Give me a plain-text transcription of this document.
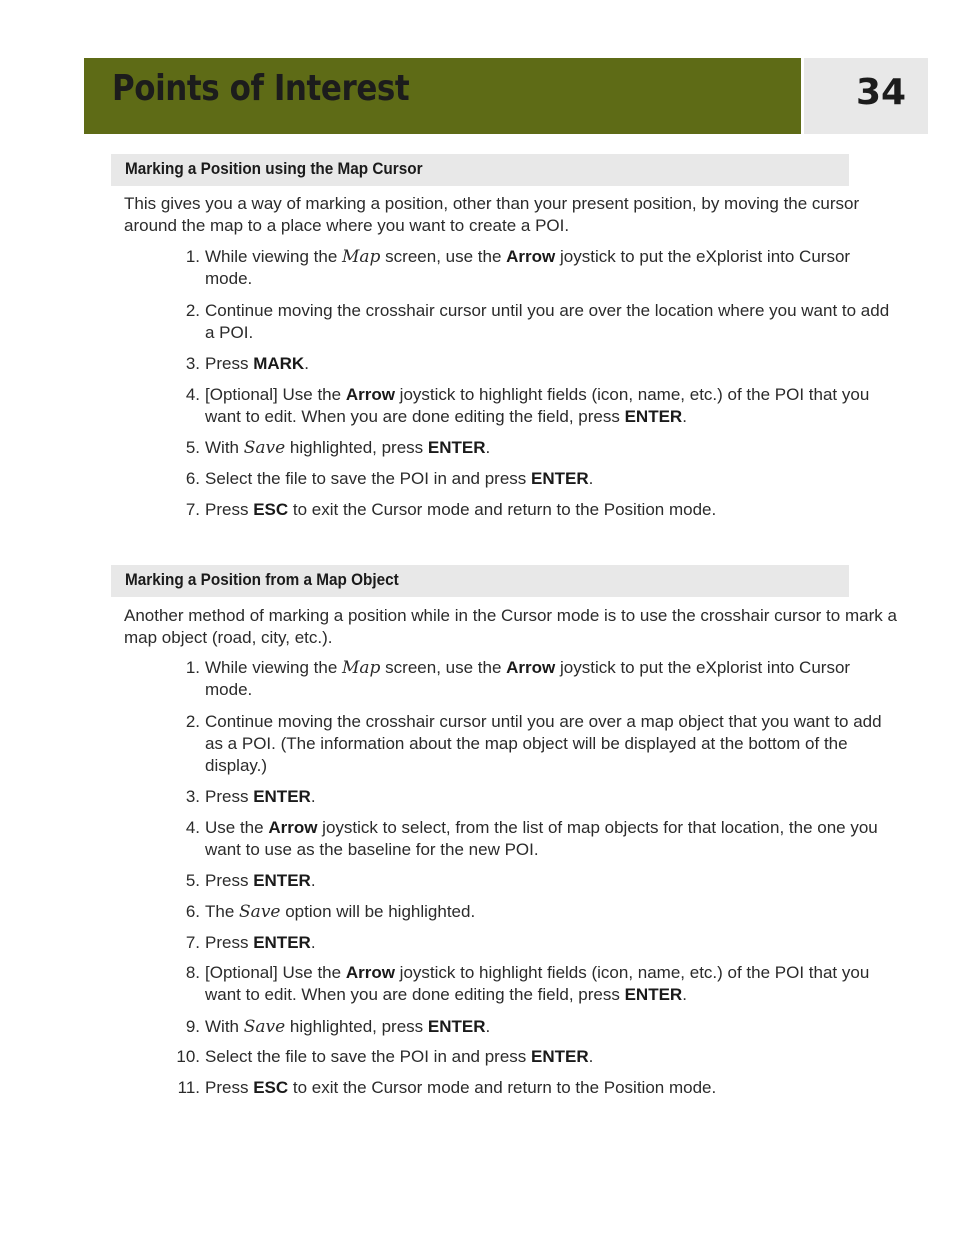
Points of Interest	34
Marking a Position using the Map Cursor

This gives you a way of marking a position, other than your present position, by moving the cursor around the map to a place where you want to create a POI.

1. While viewing the Map screen, use the Arrow joystick to put the eXplorist into Cursor mode.
2. Continue moving the crosshair cursor until you are over the location where you want to add a POI.
3. Press MARK.
4. [Optional] Use the Arrow joystick to highlight fields (icon, name, etc.) of the POI that you want to edit. When you are done editing the field, press ENTER.
5. With Save highlighted, press ENTER.
6. Select the file to save the POI in and press ENTER.
7. Press ESC to exit the Cursor mode and return to the Position mode.
Marking a Position from a Map Object

Another method of marking a position while in the Cursor mode is to use the crosshair cursor to mark a map object (road, city, etc.).

1. While viewing the Map screen, use the Arrow joystick to put the eXplorist into Cursor mode.
2. Continue moving the crosshair cursor until you are over a map object that you want to add as a POI. (The information about the map object will be displayed at the bottom of the display.)
3. Press ENTER.
4. Use the Arrow joystick to select, from the list of map objects for that location, the one you want to use as the baseline for the new POI.
5. Press ENTER.
6. The Save option will be highlighted.
7. Press ENTER.
8. [Optional] Use the Arrow joystick to highlight fields (icon, name, etc.) of the POI that you want to edit. When you are done editing the field, press ENTER.
9. With Save highlighted, press ENTER.
10. Select the file to save the POI in and press ENTER.
11. Press ESC to exit the Cursor mode and return to the Position mode.
